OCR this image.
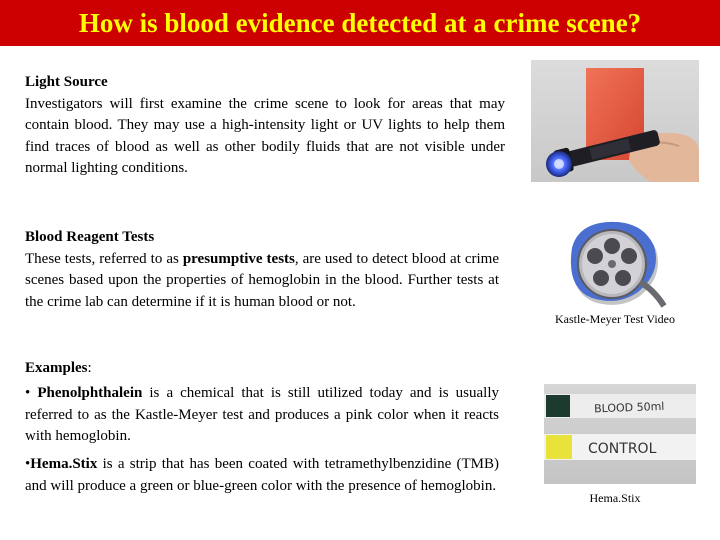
How is blood evidence detected at a crime scene?

Light Source

Investigators will first examine the crime scene to look for areas that may contain blood. They may use a high-intensity light or UV lights to help them find traces of blood as well as other bodily fluids that are not visible under normal lighting conditions.

Blood Reagent Tests

These tests, referred to as presumptive tests, are used to detect blood at crime scenes based upon the properties of hemoglobin in the blood. Further tests at the crime lab can determine if it is human blood or not.

Examples:

• Phenolphthalein is a chemical that is still utilized today and is usually referred to as the Kastle-Meyer test and produces a pink color when it reacts with hemoglobin.

•Hema.Stix is a strip that has been coated with tetramethylbenzidine (TMB) and will produce a green or blue-green color with the presence of hemoglobin.

Kastle-Meyer Test Video
BLOOD 50ml
CONTROL
Hema.Stix
